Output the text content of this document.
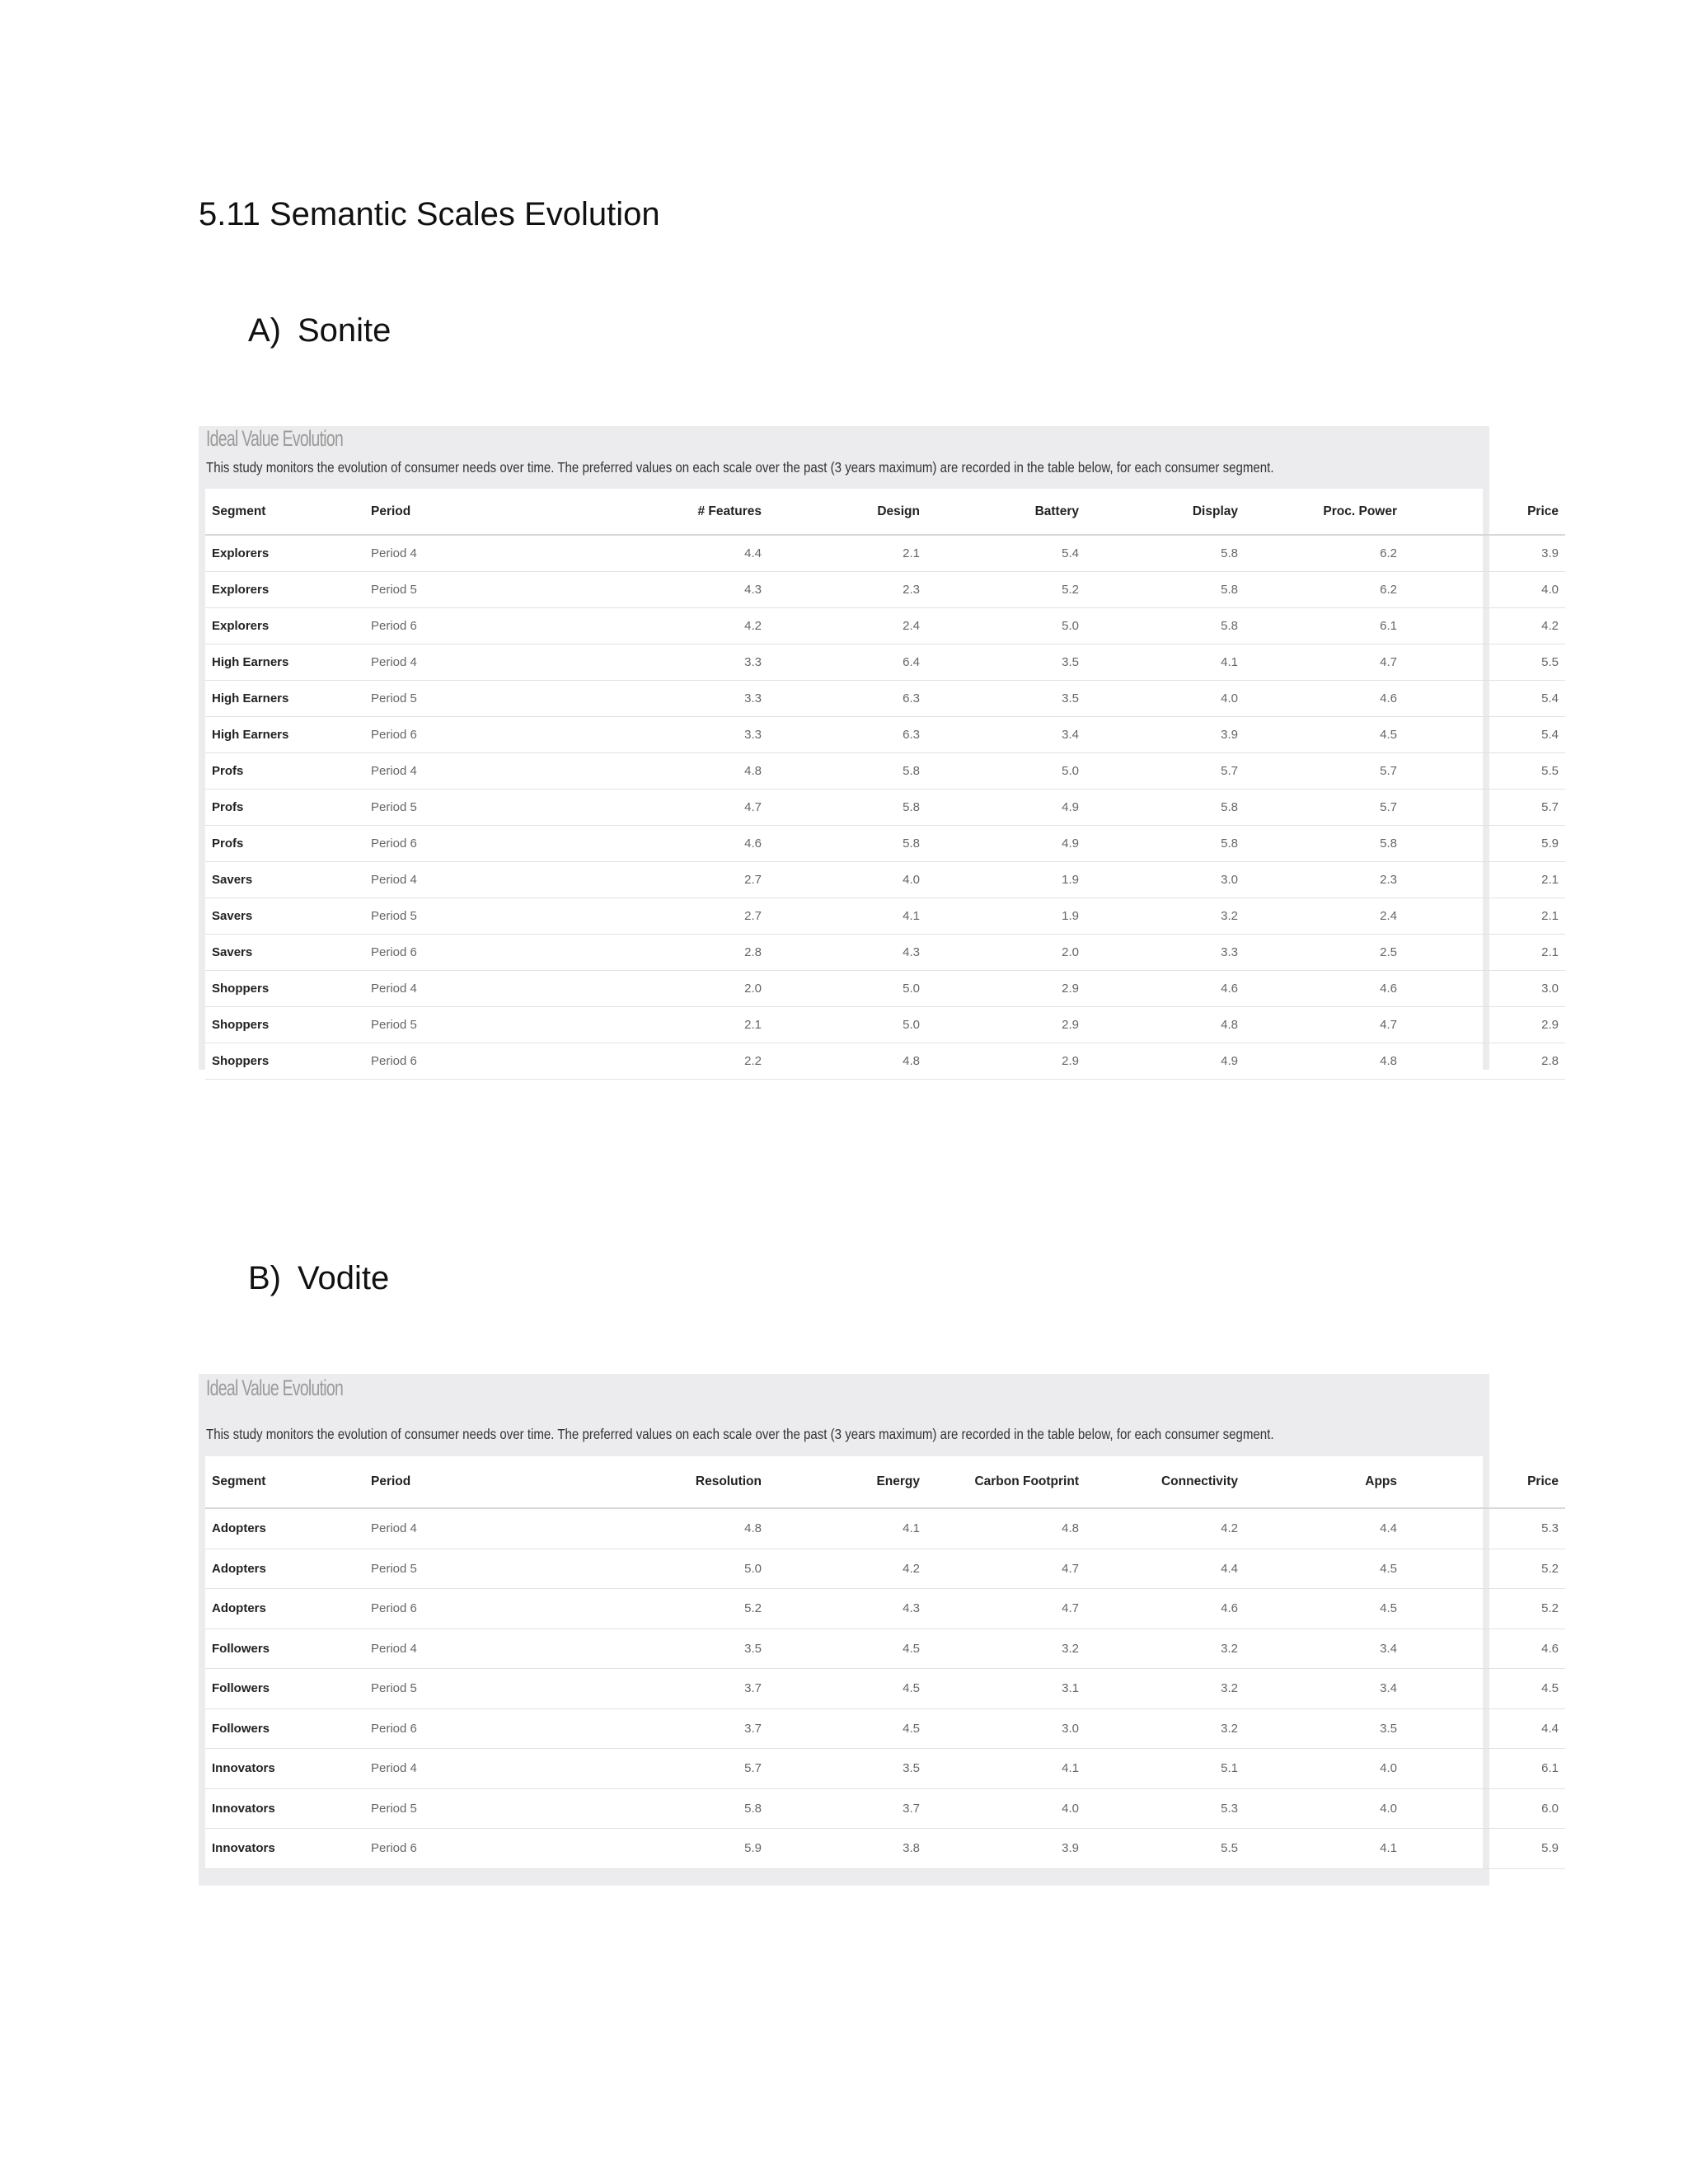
5.11 Semantic Scales Evolution
A) Sonite
Ideal Value Evolution
This study monitors the evolution of consumer needs over time. The preferred values on each scale over the past (3 years maximum) are recorded in the table below, for each consumer segment.
Segment	Period	# Features	Design	Battery	Display	Proc. Power	Price
Explorers	Period 4	4.4	2.1	5.4	5.8	6.2	3.9
Explorers	Period 5	4.3	2.3	5.2	5.8	6.2	4.0
Explorers	Period 6	4.2	2.4	5.0	5.8	6.1	4.2
High Earners	Period 4	3.3	6.4	3.5	4.1	4.7	5.5
High Earners	Period 5	3.3	6.3	3.5	4.0	4.6	5.4
High Earners	Period 6	3.3	6.3	3.4	3.9	4.5	5.4
Profs	Period 4	4.8	5.8	5.0	5.7	5.7	5.5
Profs	Period 5	4.7	5.8	4.9	5.8	5.7	5.7
Profs	Period 6	4.6	5.8	4.9	5.8	5.8	5.9
Savers	Period 4	2.7	4.0	1.9	3.0	2.3	2.1
Savers	Period 5	2.7	4.1	1.9	3.2	2.4	2.1
Savers	Period 6	2.8	4.3	2.0	3.3	2.5	2.1
Shoppers	Period 4	2.0	5.0	2.9	4.6	4.6	3.0
Shoppers	Period 5	2.1	5.0	2.9	4.8	4.7	2.9
Shoppers	Period 6	2.2	4.8	2.9	4.9	4.8	2.8
B) Vodite
Ideal Value Evolution
This study monitors the evolution of consumer needs over time. The preferred values on each scale over the past (3 years maximum) are recorded in the table below, for each consumer segment.
Segment	Period	Resolution	Energy	Carbon Footprint	Connectivity	Apps	Price
Adopters	Period 4	4.8	4.1	4.8	4.2	4.4	5.3
Adopters	Period 5	5.0	4.2	4.7	4.4	4.5	5.2
Adopters	Period 6	5.2	4.3	4.7	4.6	4.5	5.2
Followers	Period 4	3.5	4.5	3.2	3.2	3.4	4.6
Followers	Period 5	3.7	4.5	3.1	3.2	3.4	4.5
Followers	Period 6	3.7	4.5	3.0	3.2	3.5	4.4
Innovators	Period 4	5.7	3.5	4.1	5.1	4.0	6.1
Innovators	Period 5	5.8	3.7	4.0	5.3	4.0	6.0
Innovators	Period 6	5.9	3.8	3.9	5.5	4.1	5.9
